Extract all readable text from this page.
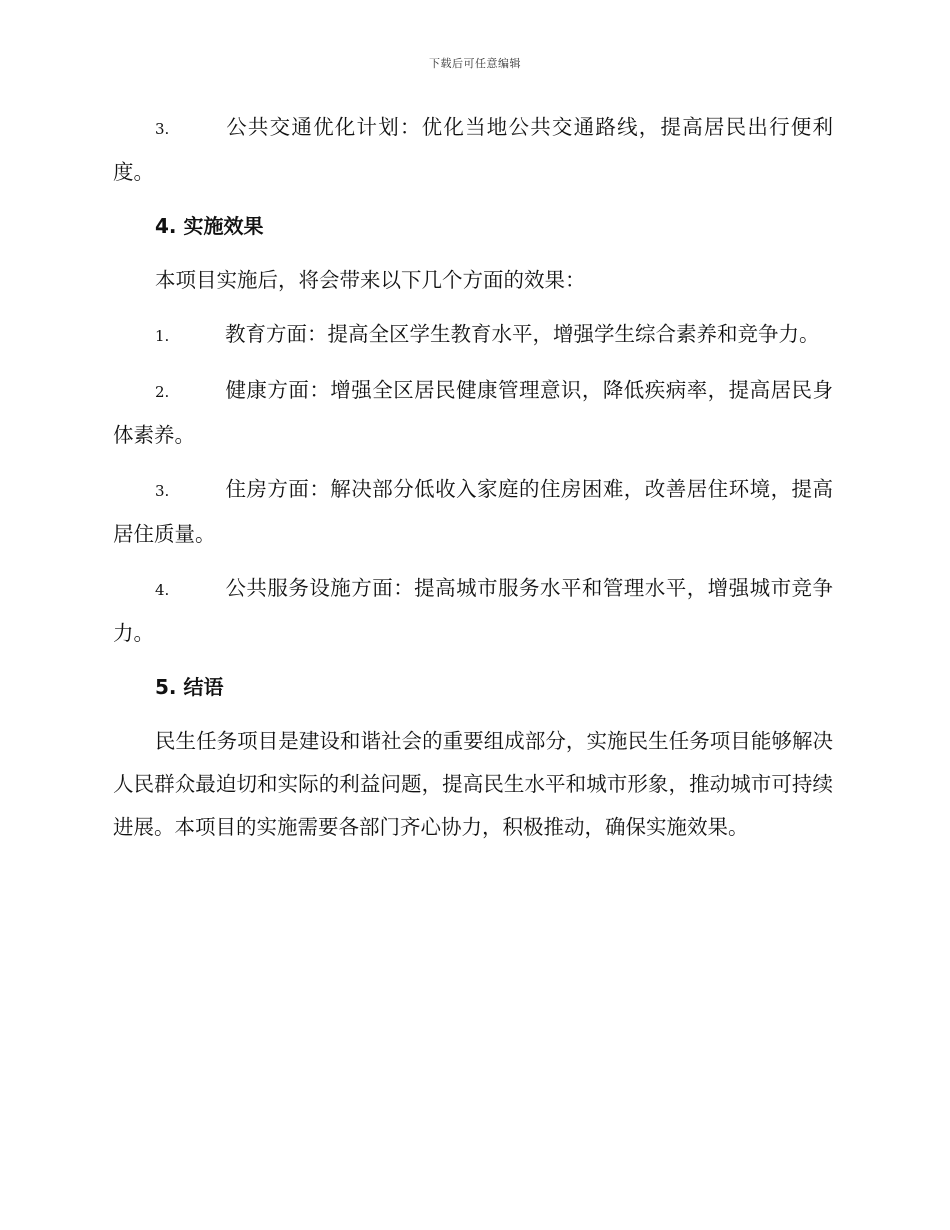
下载后可任意编辑

3.	公共交通优化计划：优化当地公共交通路线，提高居民出行便利度。

4. 实施效果

本项目实施后，将会带来以下几个方面的效果：

1.	教育方面：提高全区学生教育水平，增强学生综合素养和竞争力。

2.	健康方面：增强全区居民健康管理意识，降低疾病率，提高居民身体素养。

3.	住房方面：解决部分低收入家庭的住房困难，改善居住环境，提高居住质量。

4.	公共服务设施方面：提高城市服务水平和管理水平，增强城市竞争力。

5. 结语

民生任务项目是建设和谐社会的重要组成部分，实施民生任务项目能够解决人民群众最迫切和实际的利益问题，提高民生水平和城市形象，推动城市可持续进展。本项目的实施需要各部门齐心协力，积极推动，确保实施效果。
